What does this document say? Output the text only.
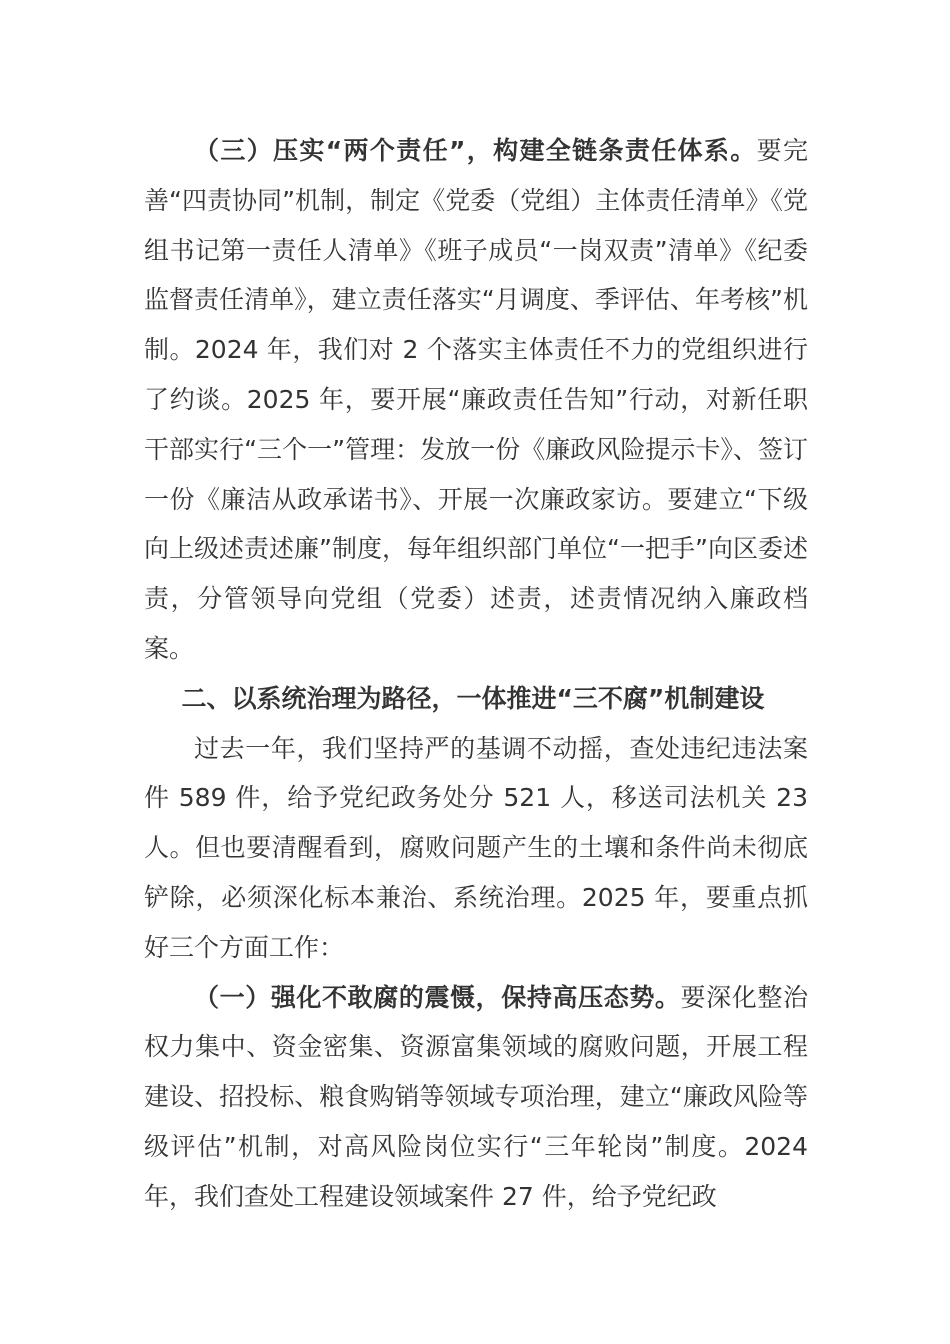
（三）压实“两个责任”，构建全链条责任体系。要完善“四责协同”机制，制定《党委（党组）主体责任清单》《党组书记第一责任人清单》《班子成员“一岗双责”清单》《纪委监督责任清单》，建立责任落实“月调度、季评估、年考核”机制。2024 年，我们对 2 个落实主体责任不力的党组织进行了约谈。2025 年，要开展“廉政责任告知”行动，对新任职干部实行“三个一”管理：发放一份《廉政风险提示卡》、签订一份《廉洁从政承诺书》、开展一次廉政家访。要建立“下级向上级述责述廉”制度，每年组织部门单位“一把手”向区委述责，分管领导向党组（党委）述责，述责情况纳入廉政档案。

二、以系统治理为路径，一体推进“三不腐”机制建设

过去一年，我们坚持严的基调不动摇，查处违纪违法案件 589 件，给予党纪政务处分 521 人，移送司法机关 23 人。但也要清醒看到，腐败问题产生的土壤和条件尚未彻底铲除，必须深化标本兼治、系统治理。2025 年，要重点抓好三个方面工作：

（一）强化不敢腐的震慑，保持高压态势。要深化整治权力集中、资金密集、资源富集领域的腐败问题，开展工程建设、招投标、粮食购销等领域专项治理，建立“廉政风险等级评估”机制，对高风险岗位实行“三年轮岗”制度。2024 年，我们查处工程建设领域案件 27 件，给予党纪政
